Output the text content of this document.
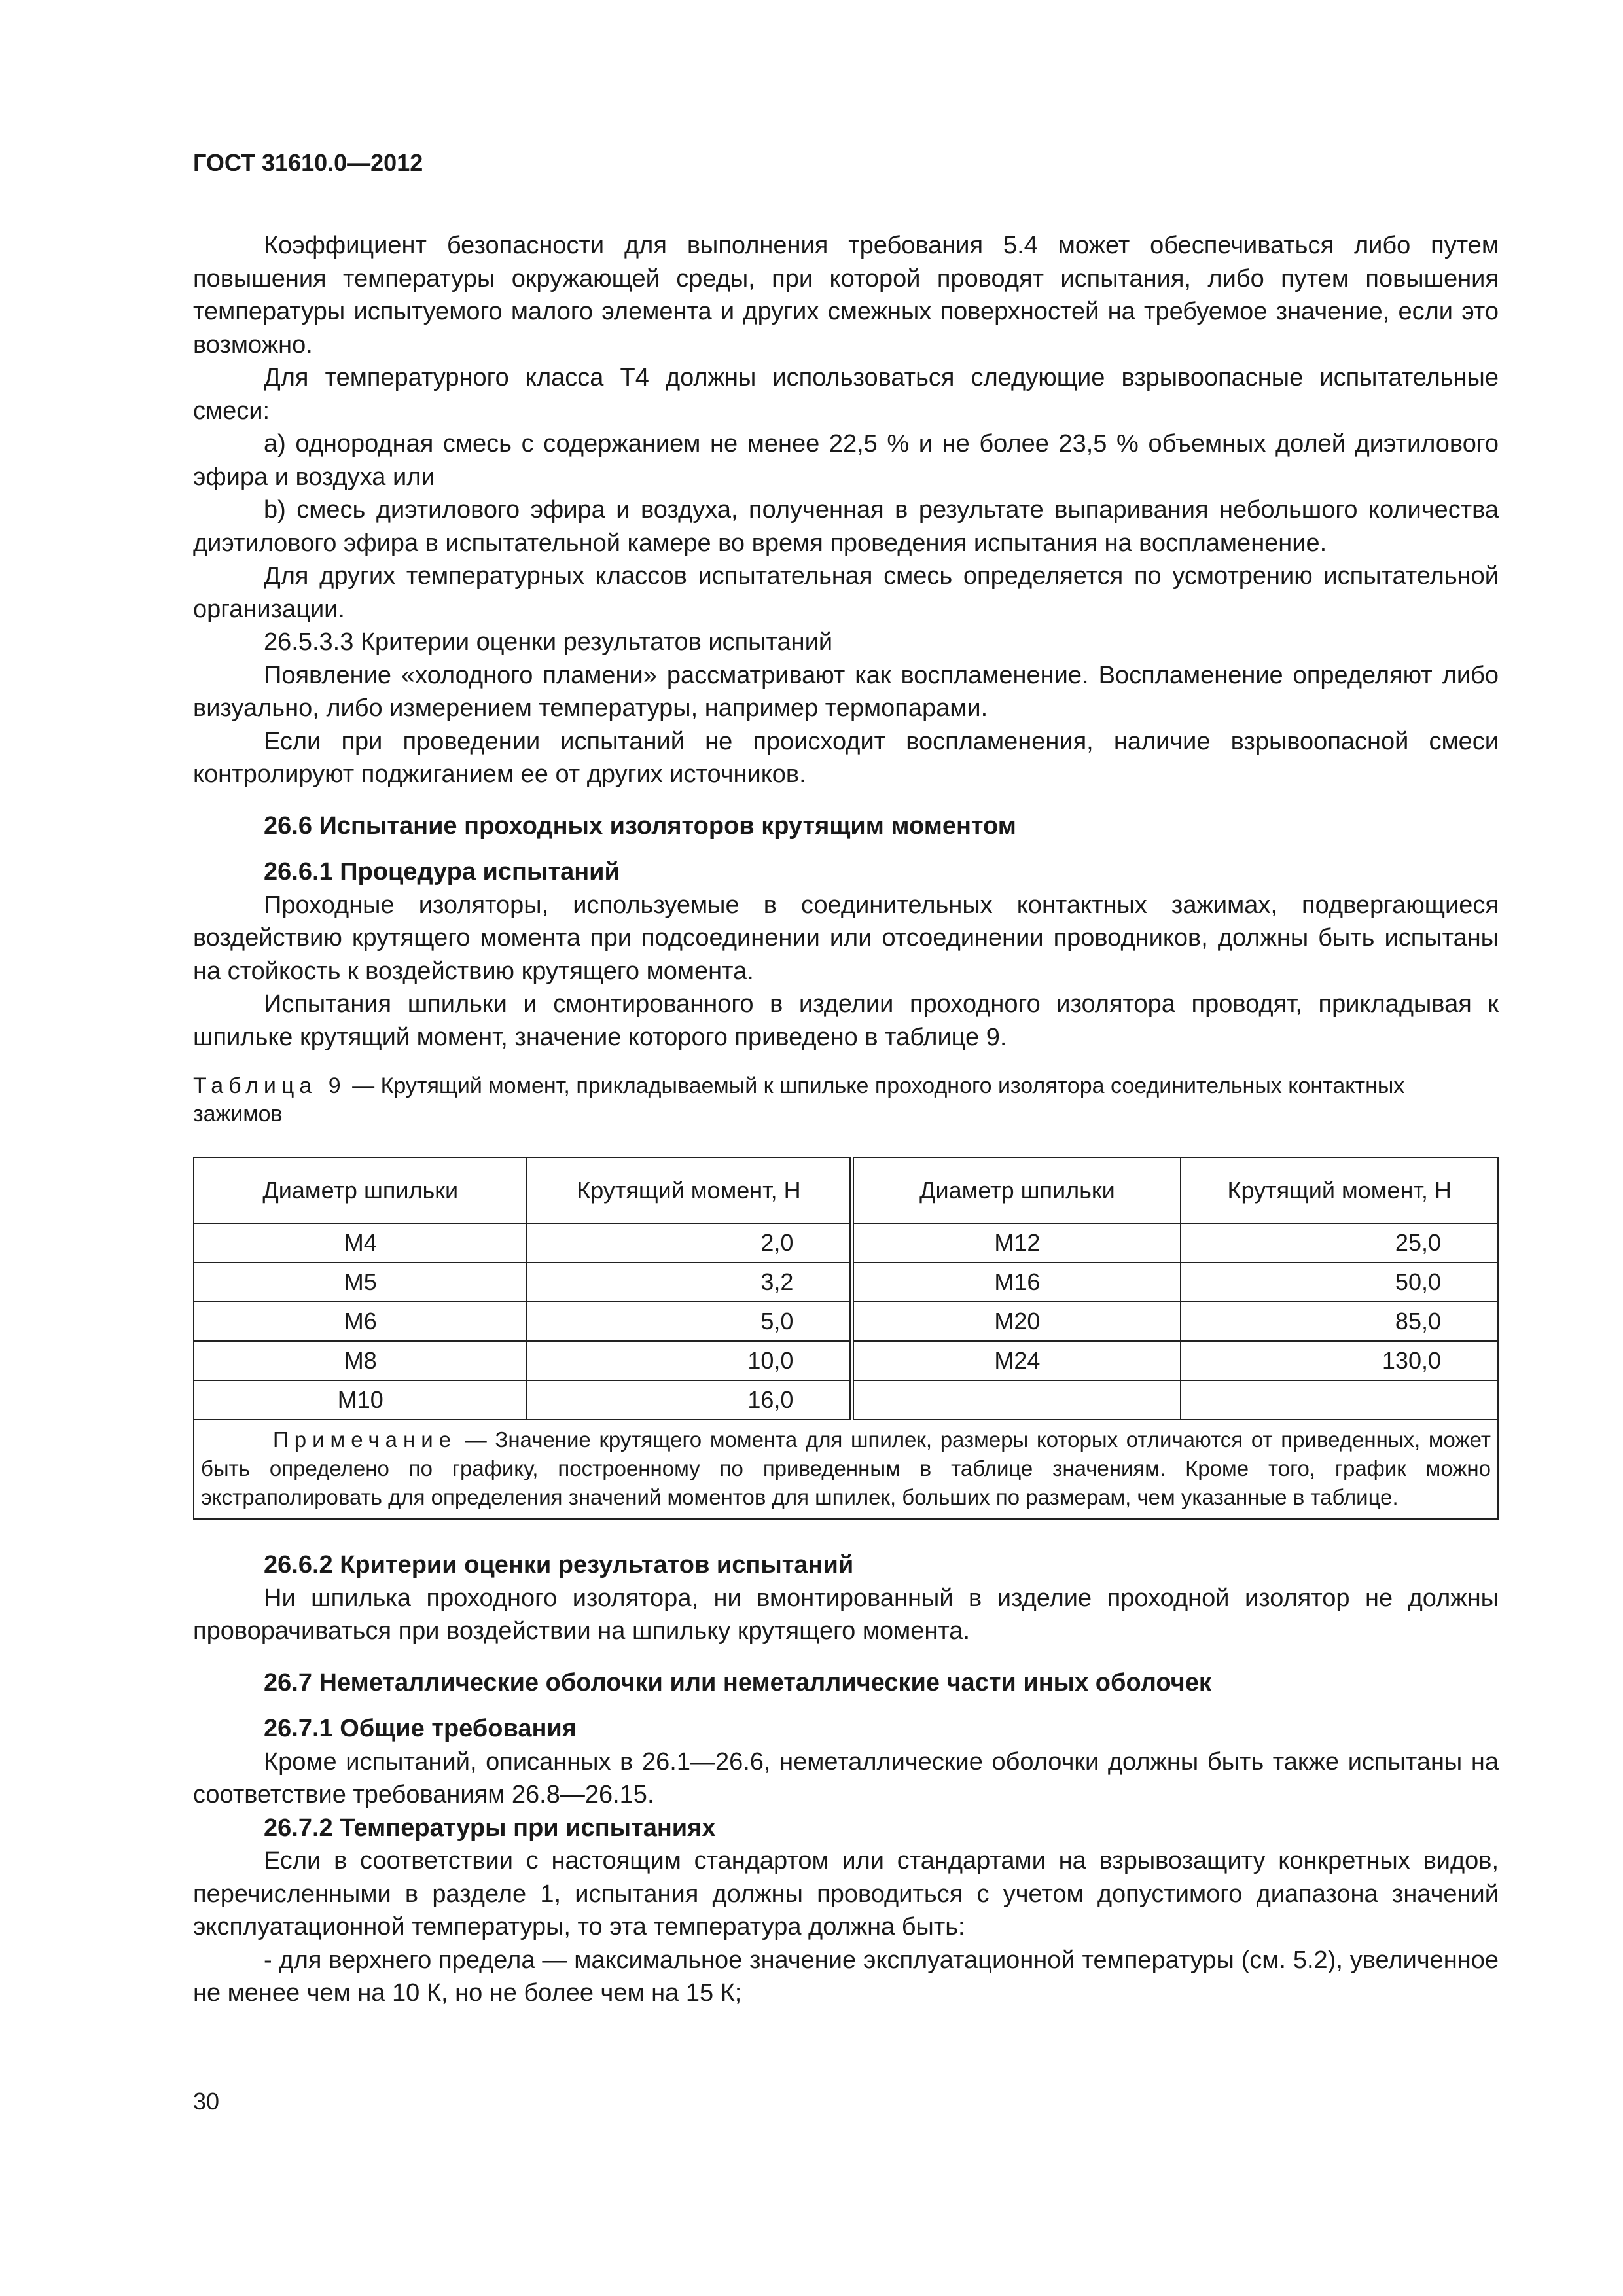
ГОСТ 31610.0—2012

Коэффициент безопасности для выполнения требования 5.4 может обеспечиваться либо путем повышения температуры окружающей среды, при которой проводят испытания, либо путем повышения температуры испытуемого малого элемента и других смежных поверхностей на требуемое значение, если это возможно.

Для температурного класса Т4 должны использоваться следующие взрывоопасные испытательные смеси:

a) однородная смесь с содержанием не менее 22,5 % и не более 23,5 % объемных долей диэтилового эфира и воздуха или

b) смесь диэтилового эфира и воздуха, полученная в результате выпаривания небольшого количества диэтилового эфира в испытательной камере во время проведения испытания на воспламенение.

Для других температурных классов испытательная смесь определяется по усмотрению испытательной организации.

26.5.3.3 Критерии оценки результатов испытаний

Появление «холодного пламени» рассматривают как воспламенение. Воспламенение определяют либо визуально, либо измерением температуры, например термопарами.

Если при проведении испытаний не происходит воспламенения, наличие взрывоопасной смеси контролируют поджиганием ее от других источников.

26.6 Испытание проходных изоляторов крутящим моментом

26.6.1 Процедура испытаний

Проходные изоляторы, используемые в соединительных контактных зажимах, подвергающиеся воздействию крутящего момента при подсоединении или отсоединении проводников, должны быть испытаны на стойкость к воздействию крутящего момента.

Испытания шпильки и смонтированного в изделии проходного изолятора проводят, прикладывая к шпильке крутящий момент, значение которого приведено в таблице 9.

Таблица 9 — Крутящий момент, прикладываемый к шпильке проходного изолятора соединительных контактных зажимов

Диаметр шпильки	Крутящий момент, Н	Диаметр шпильки	Крутящий момент, Н
М4	2,0	М12	25,0
М5	3,2	М16	50,0
М6	5,0	М20	85,0
М8	10,0	М24	130,0
М10	16,0		
Примечание — Значение крутящего момента для шпилек, размеры которых отличаются от приведенных, может быть определено по графику, построенному по приведенным в таблице значениям. Кроме того, график можно экстраполировать для определения значений моментов для шпилек, больших по размерам, чем указанные в таблице.			

26.6.2 Критерии оценки результатов испытаний

Ни шпилька проходного изолятора, ни вмонтированный в изделие проходной изолятор не должны проворачиваться при воздействии на шпильку крутящего момента.

26.7 Неметаллические оболочки или неметаллические части иных оболочек

26.7.1 Общие требования

Кроме испытаний, описанных в 26.1—26.6, неметаллические оболочки должны быть также испытаны на соответствие требованиям 26.8—26.15.

26.7.2 Температуры при испытаниях

Если в соответствии с настоящим стандартом или стандартами на взрывозащиту конкретных видов, перечисленными в разделе 1, испытания должны проводиться с учетом допустимого диапазона значений эксплуатационной температуры, то эта температура должна быть:

- для верхнего предела — максимальное значение эксплуатационной температуры (см. 5.2), увеличенное не менее чем на 10 К, но не более чем на 15 К;

30
